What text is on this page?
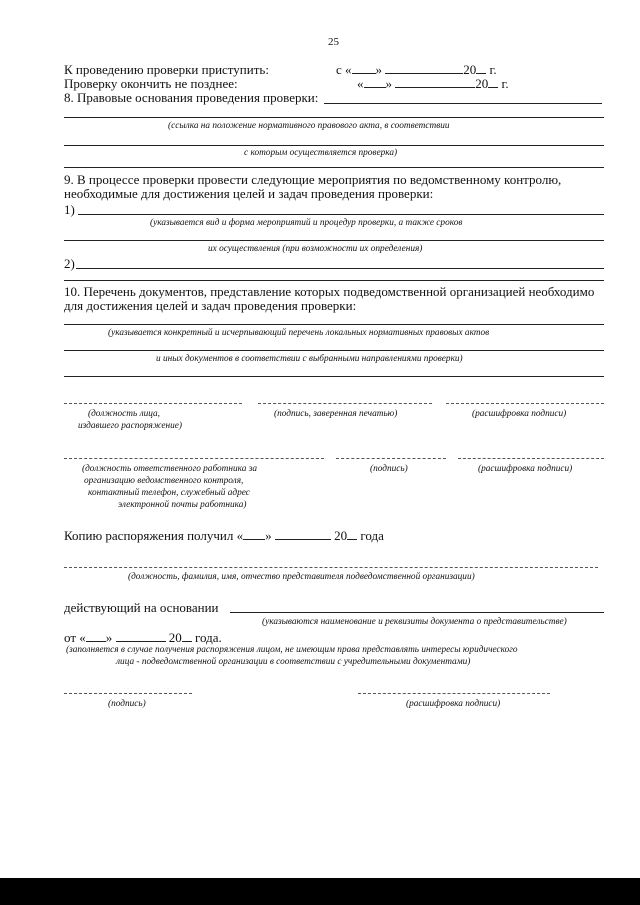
25
К проведению проверки приступить:	с « »	20 г.
Проверку окончить не позднее:	« »	20 г.
8. Правовые основания проведения проверки:
(ссылка на положение нормативного правового акта, в соответствии
с которым осуществляется проверка)
9. В процессе проверки провести следующие мероприятия по ведомственному контролю,
необходимые для достижения целей и задач проведения проверки:
1)
(указывается вид и форма мероприятий и процедур проверки, а также сроков
их осуществления (при возможности их определения)
2)
10. Перечень документов, представление которых подведомственной организацией необходимо
для достижения целей и задач проведения проверки:
(указывается конкретный и исчерпывающий перечень локальных нормативных правовых актов
и иных документов в соответствии с выбранными направлениями проверки)
(должность лица,
издавшего распоряжение)
(подпись, заверенная печатью)	(расшифровка подписи)
(должность ответственного работника за
организацию ведомственного контроля,
контактный телефон, служебный адрес
электронной почты работника)
(подпись)	(расшифровка подписи)
Копию распоряжения получил « »	20 года
(должность, фамилия, имя, отчество представителя подведомственной организации)
действующий на основании
(указываются наименование и реквизиты документа о представительстве)
от « »	20 года.
(заполняется в случае получения распоряжения лицом, не имеющим права представлять интересы юридического
лица - подведомственной организации в соответствии с учредительными документами)
(подпись)	(расшифровка подписи)
